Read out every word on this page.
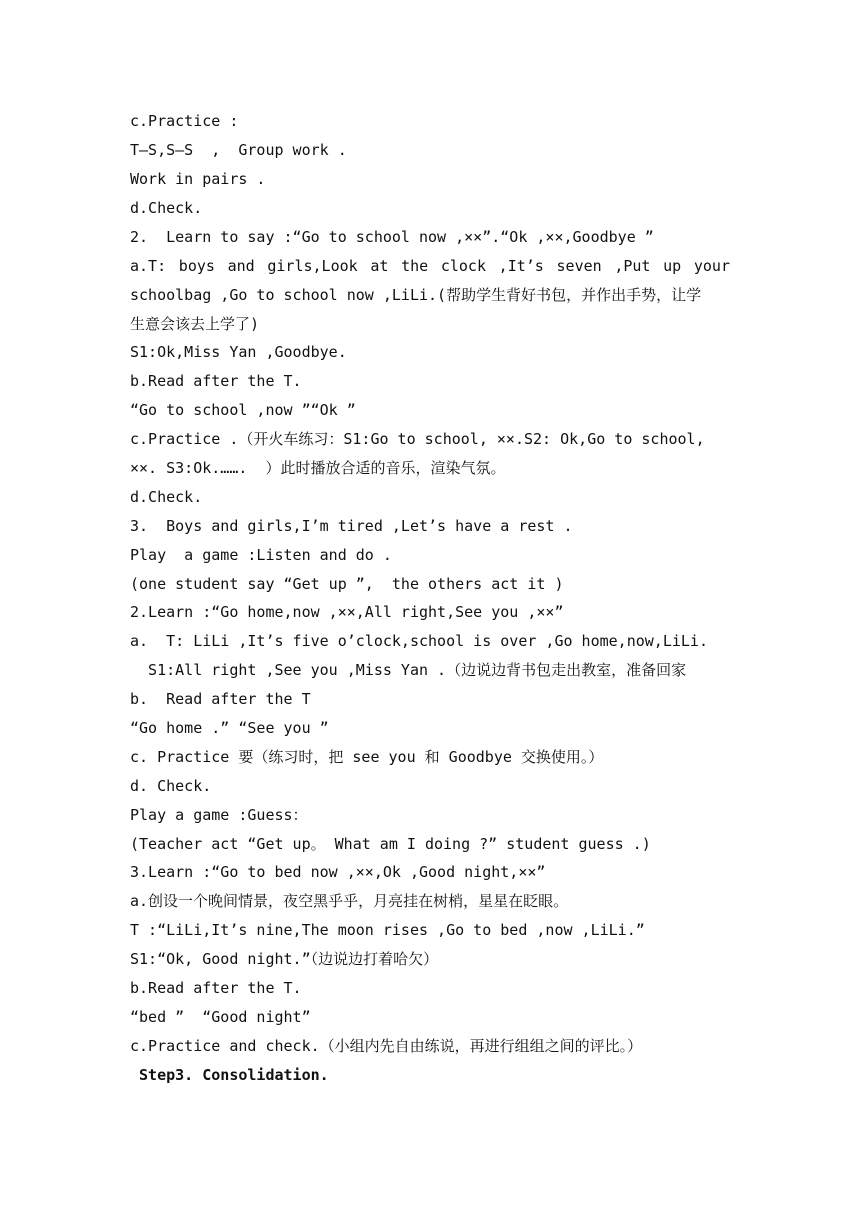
c.Practice :
T—S,S—S  ,  Group work .
Work in pairs .
d.Check.
2.  Learn to say :“Go to school now ,××”.“Ok ,××,Goodbye ”
a.T: boys and girls,Look at the clock ,It’s seven ,Put up your
schoolbag ,Go to school now ,LiLi.(帮助学生背好书包，并作出手势，让学
生意会该去上学了)
S1:Ok,Miss Yan ,Goodbye.
b.Read after the T.
“Go to school ,now ”“Ok ”
c.Practice .（开火车练习：S1:Go to school, ××.S2: Ok,Go to school,
××. S3:Ok.…….  ）此时播放合适的音乐，渲染气氛。
d.Check.
3.  Boys and girls,I’m tired ,Let’s have a rest .
Play  a game :Listen and do .
(one student say “Get up ”,  the others act it )
2.Learn :“Go home,now ,××,All right,See you ,××”
a.  T: LiLi ,It’s five o’clock,school is over ,Go home,now,LiLi.
S1:All right ,See you ,Miss Yan .（边说边背书包走出教室，准备回家
b.  Read after the T
“Go home .” “See you ”
c. Practice 要（练习时，把 see you 和 Goodbye 交换使用。）
d. Check.
Play a game :Guess：
(Teacher act “Get up。 What am I doing ?” student guess .)
3.Learn :“Go to bed now ,××,Ok ,Good night,××”
a.创设一个晚间情景，夜空黑乎乎，月亮挂在树梢，星星在眨眼。
T :“LiLi,It’s nine,The moon rises ,Go to bed ,now ,LiLi.”
S1:“Ok, Good night.”（边说边打着哈欠）
b.Read after the T.
“bed ”  “Good night”
c.Practice and check.（小组内先自由练说，再进行组组之间的评比。）
Step3. Consolidation.
